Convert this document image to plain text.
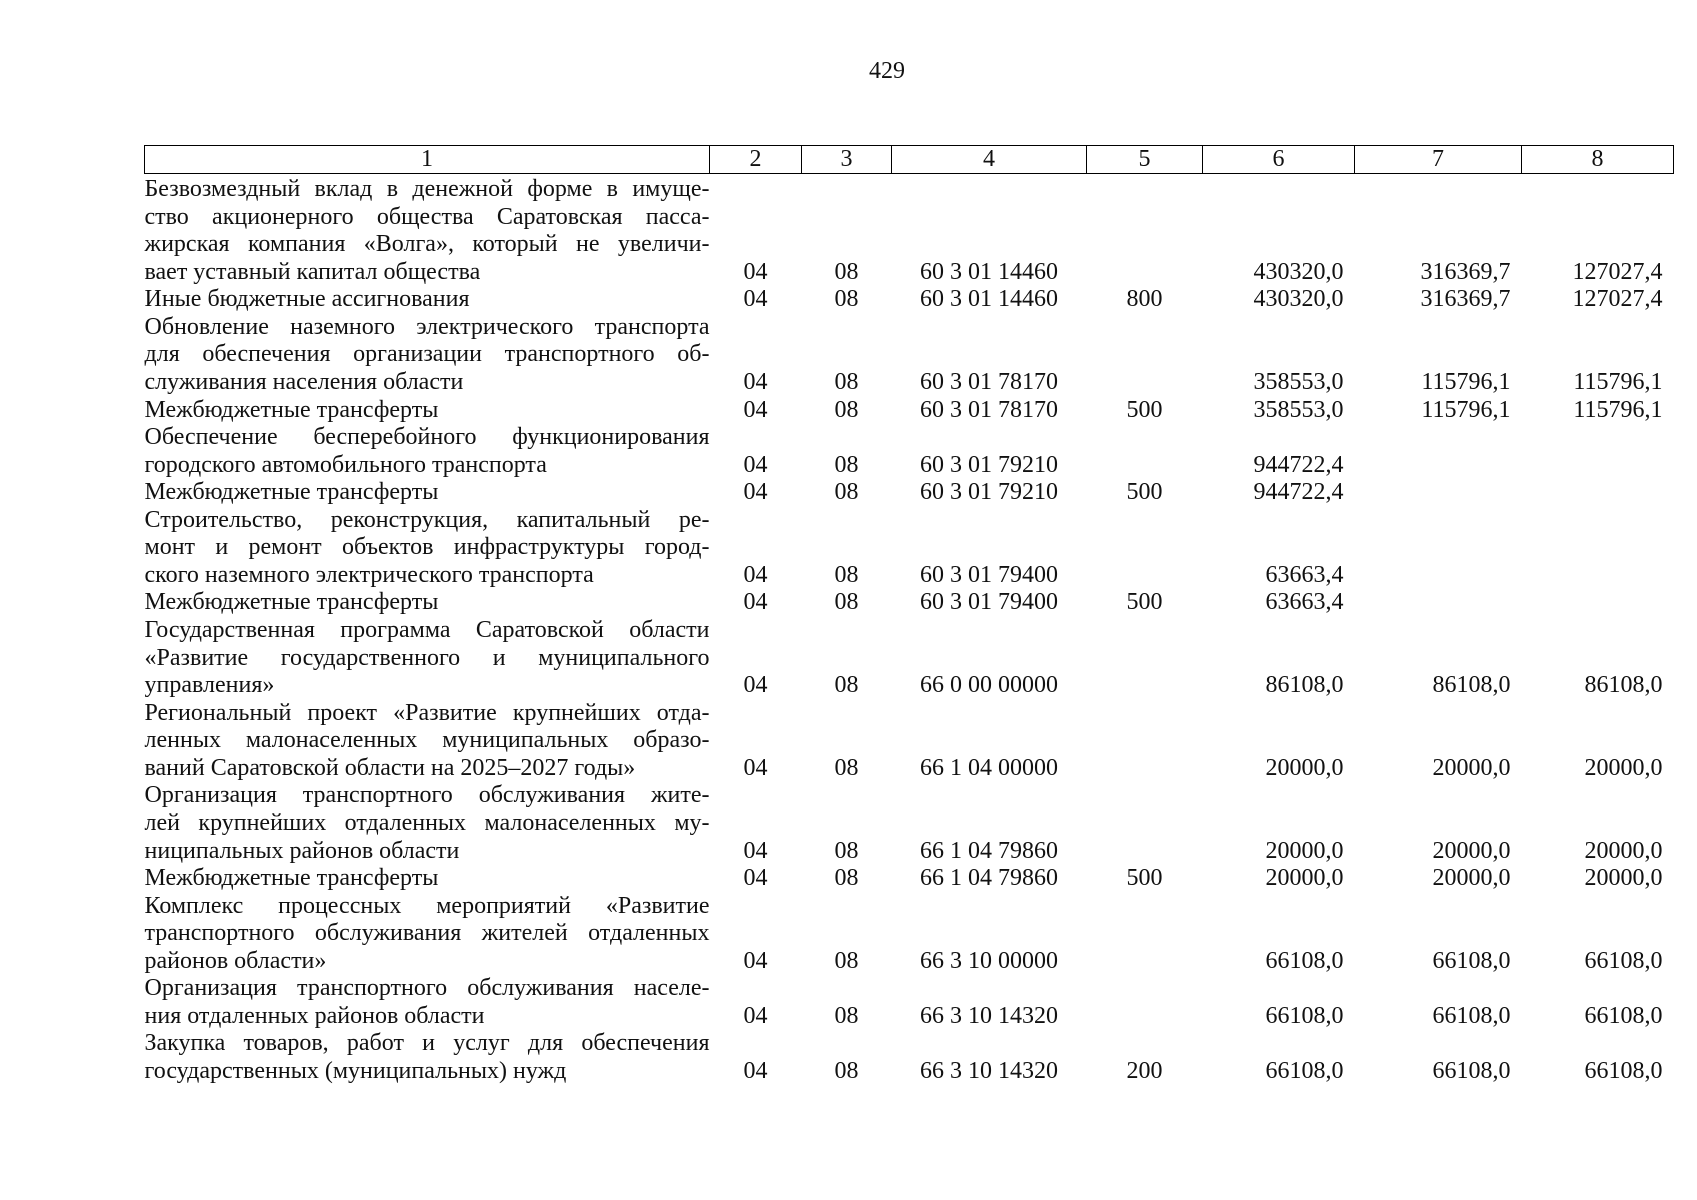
429
1	2	3	4	5	6	7	8

Безвозмездный вклад в денежной форме в имуще-
ство акционерного общества Саратовская пасса-
жирская компания «Волга», который не увеличи-
вает уставный капитал общества	04	08	60 3 01 14460		430320,0	316369,7	127027,4

Иные бюджетные ассигнования	04	08	60 3 01 14460	800	430320,0	316369,7	127027,4

Обновление наземного электрического транспорта
для обеспечения организации транспортного об-
служивания населения области	04	08	60 3 01 78170		358553,0	115796,1	115796,1

Межбюджетные трансферты	04	08	60 3 01 78170	500	358553,0	115796,1	115796,1

Обеспечение бесперебойного функционирования
городского автомобильного транспорта	04	08	60 3 01 79210		944722,4		

Межбюджетные трансферты	04	08	60 3 01 79210	500	944722,4		

Строительство, реконструкция, капитальный ре-
монт и ремонт объектов инфраструктуры город-
ского наземного электрического транспорта	04	08	60 3 01 79400		63663,4		

Межбюджетные трансферты	04	08	60 3 01 79400	500	63663,4		

Государственная программа Саратовской области
«Развитие государственного и муниципального
управления»	04	08	66 0 00 00000		86108,0	86108,0	86108,0

Региональный проект «Развитие крупнейших отда-
ленных малонаселенных муниципальных образо-
ваний Саратовской области на 2025–2027 годы»	04	08	66 1 04 00000		20000,0	20000,0	20000,0

Организация транспортного обслуживания жите-
лей крупнейших отдаленных малонаселенных му-
ниципальных районов области	04	08	66 1 04 79860		20000,0	20000,0	20000,0

Межбюджетные трансферты	04	08	66 1 04 79860	500	20000,0	20000,0	20000,0

Комплекс процессных мероприятий «Развитие
транспортного обслуживания жителей отдаленных
районов области»	04	08	66 3 10 00000		66108,0	66108,0	66108,0

Организация транспортного обслуживания населе-
ния отдаленных районов области	04	08	66 3 10 14320		66108,0	66108,0	66108,0

Закупка товаров, работ и услуг для обеспечения
государственных (муниципальных) нужд	04	08	66 3 10 14320	200	66108,0	66108,0	66108,0
